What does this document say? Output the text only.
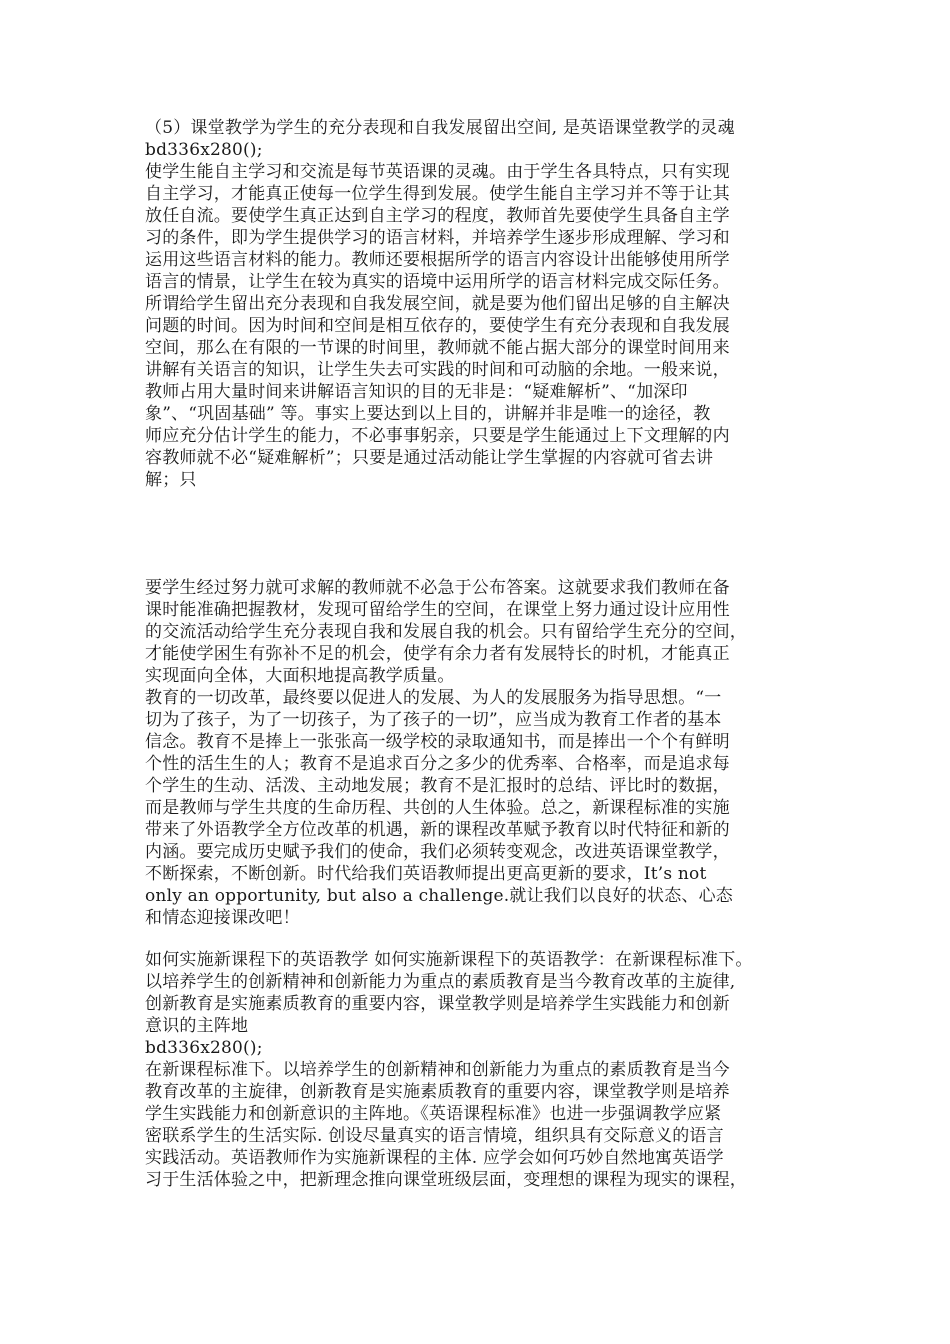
（5）课堂教学为学生的充分表现和自我发展留出空间, 是英语课堂教学的灵魂
bd336x280();
使学生能自主学习和交流是每节英语课的灵魂。由于学生各具特点，只有实现
自主学习，才能真正使每一位学生得到发展。使学生能自主学习并不等于让其
放任自流。要使学生真正达到自主学习的程度，教师首先要使学生具备自主学
习的条件，即为学生提供学习的语言材料，并培养学生逐步形成理解、学习和
运用这些语言材料的能力。教师还要根据所学的语言内容设计出能够使用所学
语言的情景，让学生在较为真实的语境中运用所学的语言材料完成交际任务。
所谓给学生留出充分表现和自我发展空间，就是要为他们留出足够的自主解决
问题的时间。因为时间和空间是相互依存的，要使学生有充分表现和自我发展
空间，那么在有限的一节课的时间里，教师就不能占据大部分的课堂时间用来
讲解有关语言的知识，让学生失去可实践的时间和可动脑的余地。一般来说，
教师占用大量时间来讲解语言知识的目的无非是：“疑难解析”、“加深印
象”、“巩固基础” 等。事实上要达到以上目的，讲解并非是唯一的途径，教
师应充分估计学生的能力，不必事事躬亲，只要是学生能通过上下文理解的内
容教师就不必“疑难解析”；只要是通过活动能让学生掌握的内容就可省去讲
解；只
要学生经过努力就可求解的教师就不必急于公布答案。这就要求我们教师在备
课时能准确把握教材，发现可留给学生的空间，在课堂上努力通过设计应用性
的交流活动给学生充分表现自我和发展自我的机会。只有留给学生充分的空间，
才能使学困生有弥补不足的机会，使学有余力者有发展特长的时机，才能真正
实现面向全体，大面积地提高教学质量。
教育的一切改革，最终要以促进人的发展、为人的发展服务为指导思想。“一
切为了孩子，为了一切孩子，为了孩子的一切”，应当成为教育工作者的基本
信念。教育不是捧上一张张高一级学校的录取通知书，而是捧出一个个有鲜明
个性的活生生的人；教育不是追求百分之多少的优秀率、合格率，而是追求每
个学生的生动、活泼、主动地发展；教育不是汇报时的总结、评比时的数据，
而是教师与学生共度的生命历程、共创的人生体验。总之，新课程标准的实施
带来了外语教学全方位改革的机遇，新的课程改革赋予教育以时代特征和新的
内涵。要完成历史赋予我们的使命，我们必须转变观念，改进英语课堂教学，
不断探索，不断创新。时代给我们英语教师提出更高更新的要求，It’s not
only an opportunity, but also a challenge.就让我们以良好的状态、心态
和情态迎接课改吧！
如何实施新课程下的英语教学 如何实施新课程下的英语教学：在新课程标准下。
以培养学生的创新精神和创新能力为重点的素质教育是当今教育改革的主旋律,
创新教育是实施素质教育的重要内容，课堂教学则是培养学生实践能力和创新
意识的主阵地
bd336x280();
在新课程标准下。以培养学生的创新精神和创新能力为重点的素质教育是当今
教育改革的主旋律，创新教育是实施素质教育的重要内容，课堂教学则是培养
学生实践能力和创新意识的主阵地。《英语课程标准》也进一步强调教学应紧
密联系学生的生活实际. 创设尽量真实的语言情境，组织具有交际意义的语言
实践活动。英语教师作为实施新课程的主体. 应学会如何巧妙自然地寓英语学
习于生活体验之中，把新理念推向课堂班级层面，变理想的课程为现实的课程，
